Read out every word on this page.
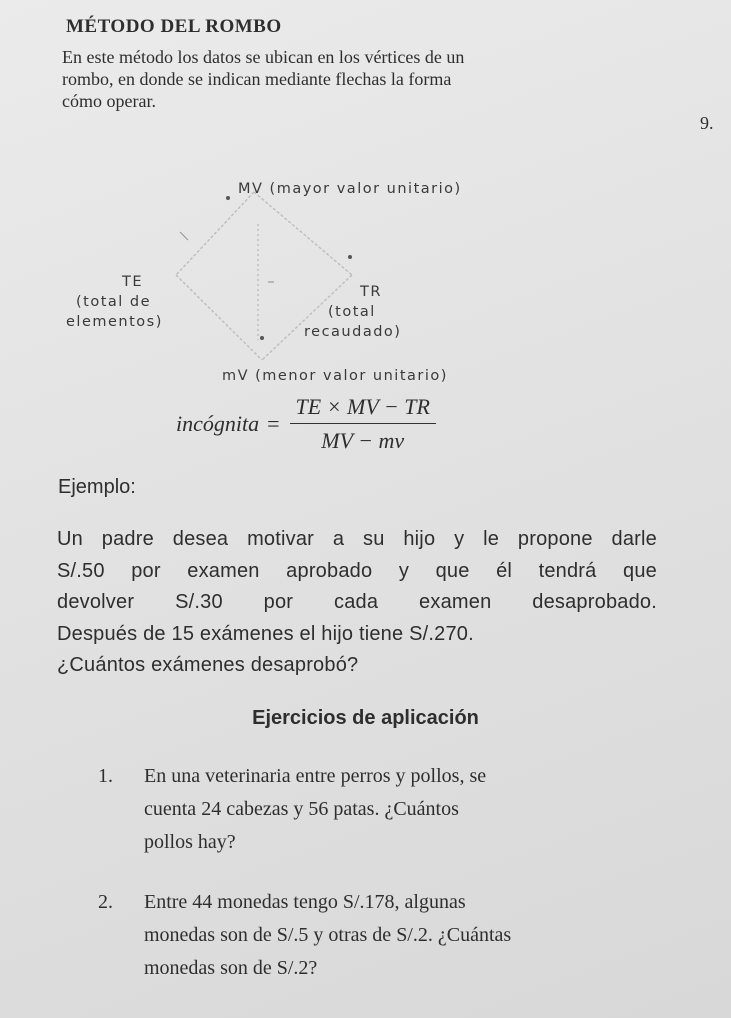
MÉTODO DEL ROMBO
En este método los datos se ubican en los vértices de un
rombo, en donde se indican mediante flechas la forma
cómo operar.
9.
MV (mayor valor unitario)
TE
(total de
elementos)
TR
(total
recaudado)
mV (menor valor unitario)
incógnita = $\frac{TE \times MV - TR}{MV - mv}$
Ejemplo:
Un padre desea motivar a su hijo y le propone darle
S/.50 por examen aprobado y que él tendrá que
devolver S/.30 por cada examen desaprobado.
Después de 15 exámenes el hijo tiene S/.270.
¿Cuántos exámenes desaprobó?
Ejercicios de aplicación
1. En una veterinaria entre perros y pollos, se
cuenta 24 cabezas y 56 patas. ¿Cuántos
pollos hay?
2. Entre 44 monedas tengo S/.178, algunas
monedas son de S/.5 y otras de S/.2. ¿Cuántas
monedas son de S/.2?
